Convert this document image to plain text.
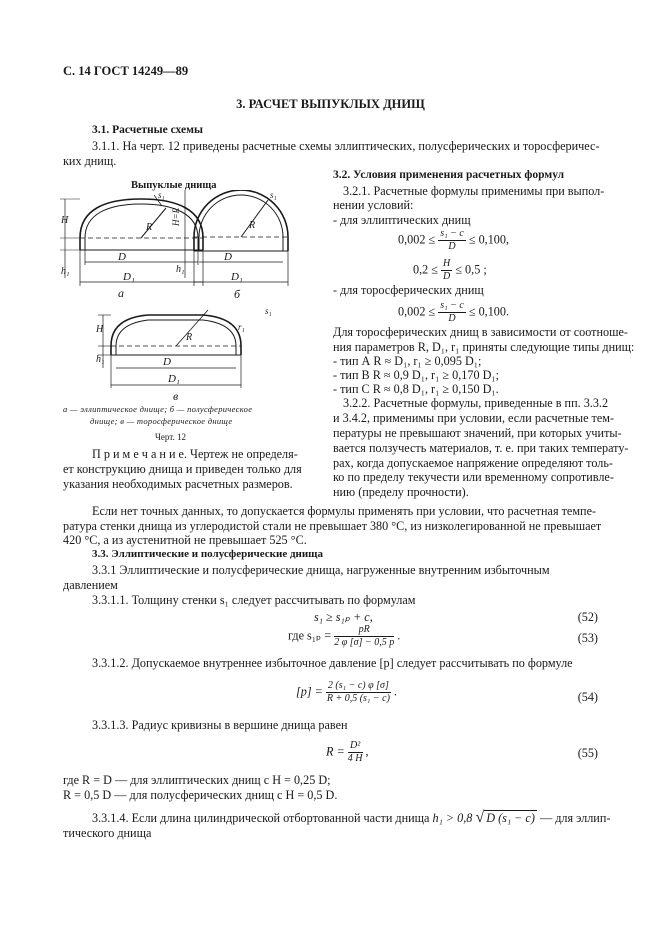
С. 14 ГОСТ 14249—89
3. РАСЧЕТ ВЫПУКЛЫХ ДНИЩ
3.1. Расчетные схемы
3.1.1. На черт. 12 приведены расчетные схемы эллиптических, полусферических и торосферичес-
ких днищ.
Выпуклые днища
H
h₁
D
D₁
R
s₁
а
H=R
h₁
D
D₁
R
s₁
б
H
h₁	D
D₁
R
r₁
s₁
в
а — эллиптическое днище; б — полусферическое
днище; в — торосферическое днище
Черт. 12
П р и м е ч а н и е. Чертеж не определя-
ет конструкцию днища и приведен только для
указания необходимых расчетных размеров.
3.2. Условия применения расчетных формул
3.2.1. Расчетные формулы применимы при выпол-
нении условий:
- для эллиптических днищ
$0,002 \le \frac{\text{s₁ − c}}{D} \le 0,100$,
$0,2 \le \frac{H}{D} \le 0,5$ ;
- для торосферических днищ
$0,002 \le \frac{\text{s₁ − c}}{D} \le 0,100$.
Для торосферических днищ в зависимости от соотноше-
ния параметров R, D₁, r₁ приняты следующие типы днищ:
- тип А R ≈ D₁, r₁ ≥ 0,095 D₁;
- тип В R ≈ 0,9 D₁, r₁ ≥ 0,170 D₁;
- тип С R ≈ 0,8 D₁, r₁ ≥ 0,150 D₁.
3.2.2. Расчетные формулы, приведенные в пп. 3.3.2
и 3.4.2, применимы при условии, если расчетные тем-
пературы не превышают значений, при которых учиты-
вается ползучесть материалов, т. е. при таких температу-
рах, когда допускаемое напряжение определяют толь-
ко по пределу текучести или временному сопротивле-
нию (пределу прочности).
Если нет точных данных, то допускается формулы применять при условии, что расчетная темпе-
ратура стенки днища из углеродистой стали не превышает 380 °С, из низколегированной не превышает
420 °С, а из аустенитной не превышает 525 °С.
3.3. Эллиптические и полусферические днища
3.3.1 Эллиптические и полусферические днища, нагруженные внутренним избыточным
давлением
3.3.1.1. Толщину стенки s₁ следует рассчитывать по формулам
s₁ ≥ s₁ₚ + c,	(52)
где $s_{1p} = \frac{pR}{2 \varphi [\sigma] - 0,5 p}$ .	(53)
3.3.1.2. Допускаемое внутреннее избыточное давление [p] следует рассчитывать по формуле
$[p] = \frac{\text{2 (s₁ − c) φ [σ]}}{\text{R + 0,5 (s₁ − c)}}$ .	(54)
3.3.1.3. Радиус кривизны в вершине днища равен
$R = \frac{\text{D²}}{4 H}$ ,	(55)
где R = D — для эллиптических днищ с H = 0,25 D;
R = 0,5 D — для полусферических днищ с H = 0,5 D.
3.3.1.4. Если длина цилиндрической отбортованной части днища h₁ > 0,8 √ D (s₁ − c) — для эллип-
тического днища
